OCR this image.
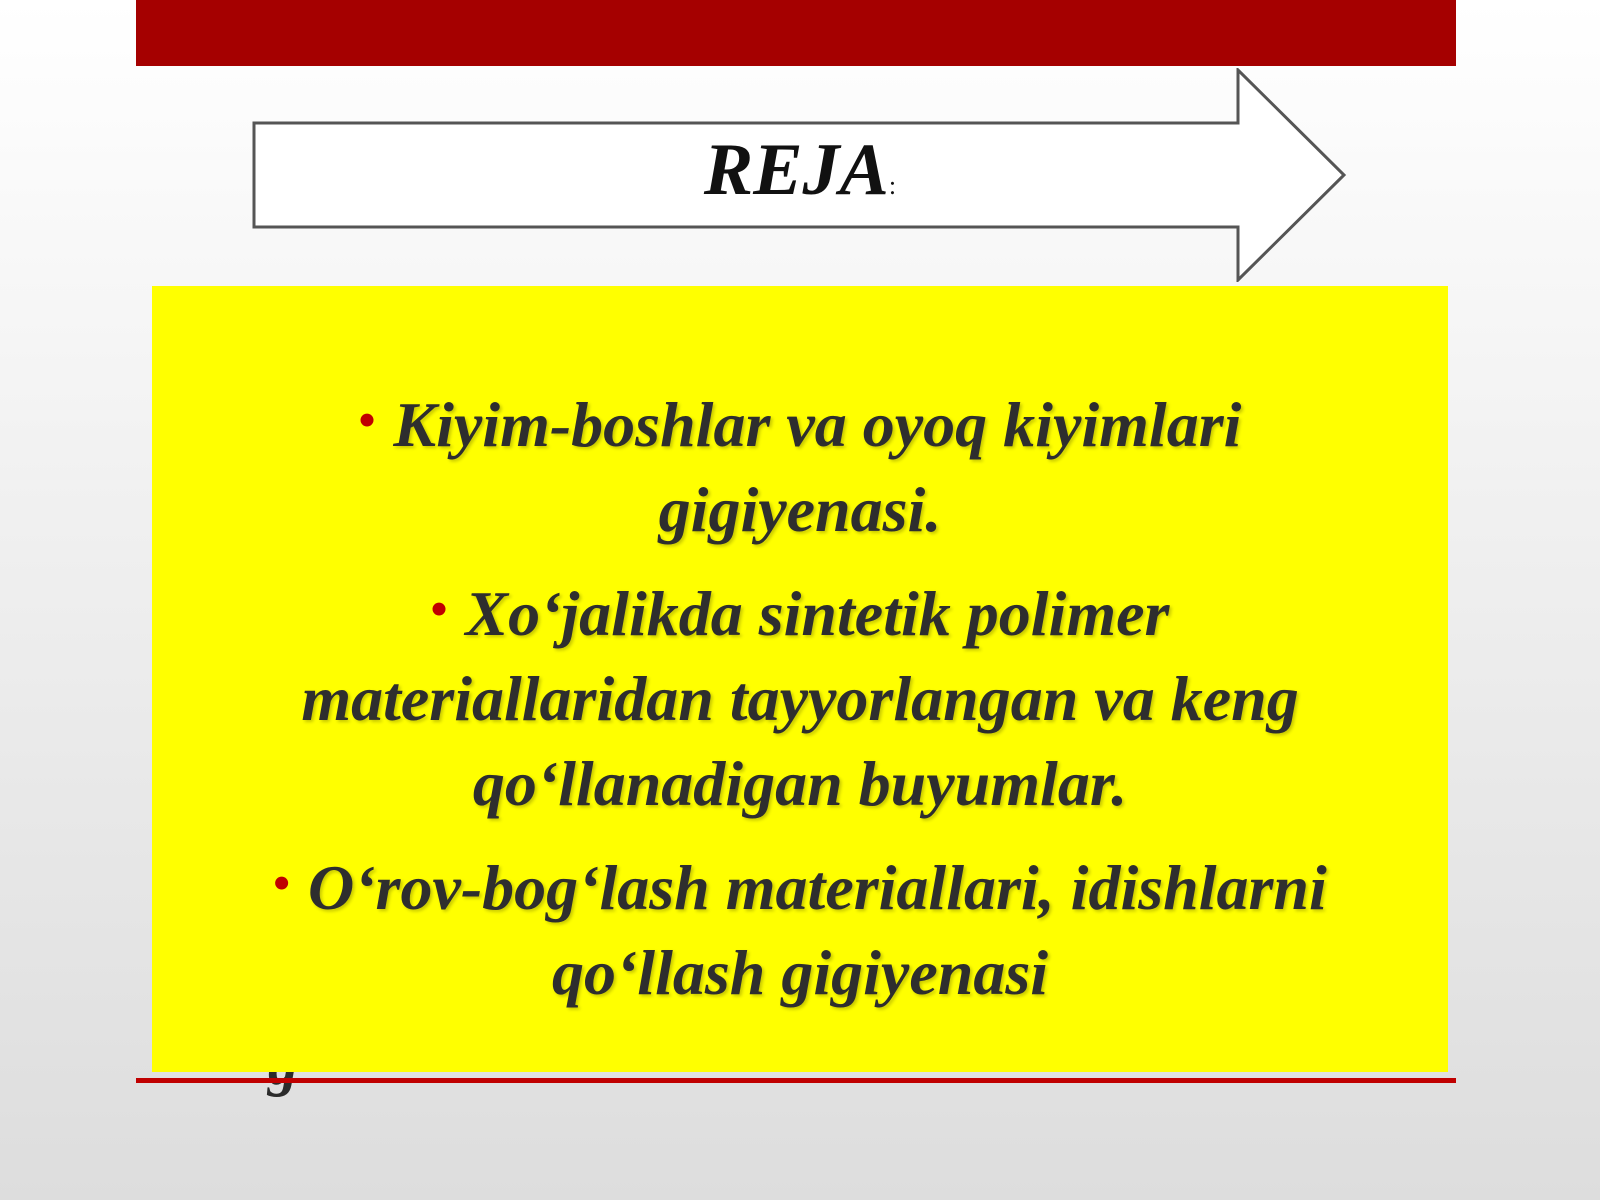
REJA:
• Kiyim-boshlar va oyoq kiyimlari gigiyenasi.
• Xo‘jalikda sintetik polimer materiallaridan tayyorlangan va keng qo‘llanadigan buyumlar.
• O‘rov-bog‘lash materiallari, idishlarni qo‘llash gigiyenasi
